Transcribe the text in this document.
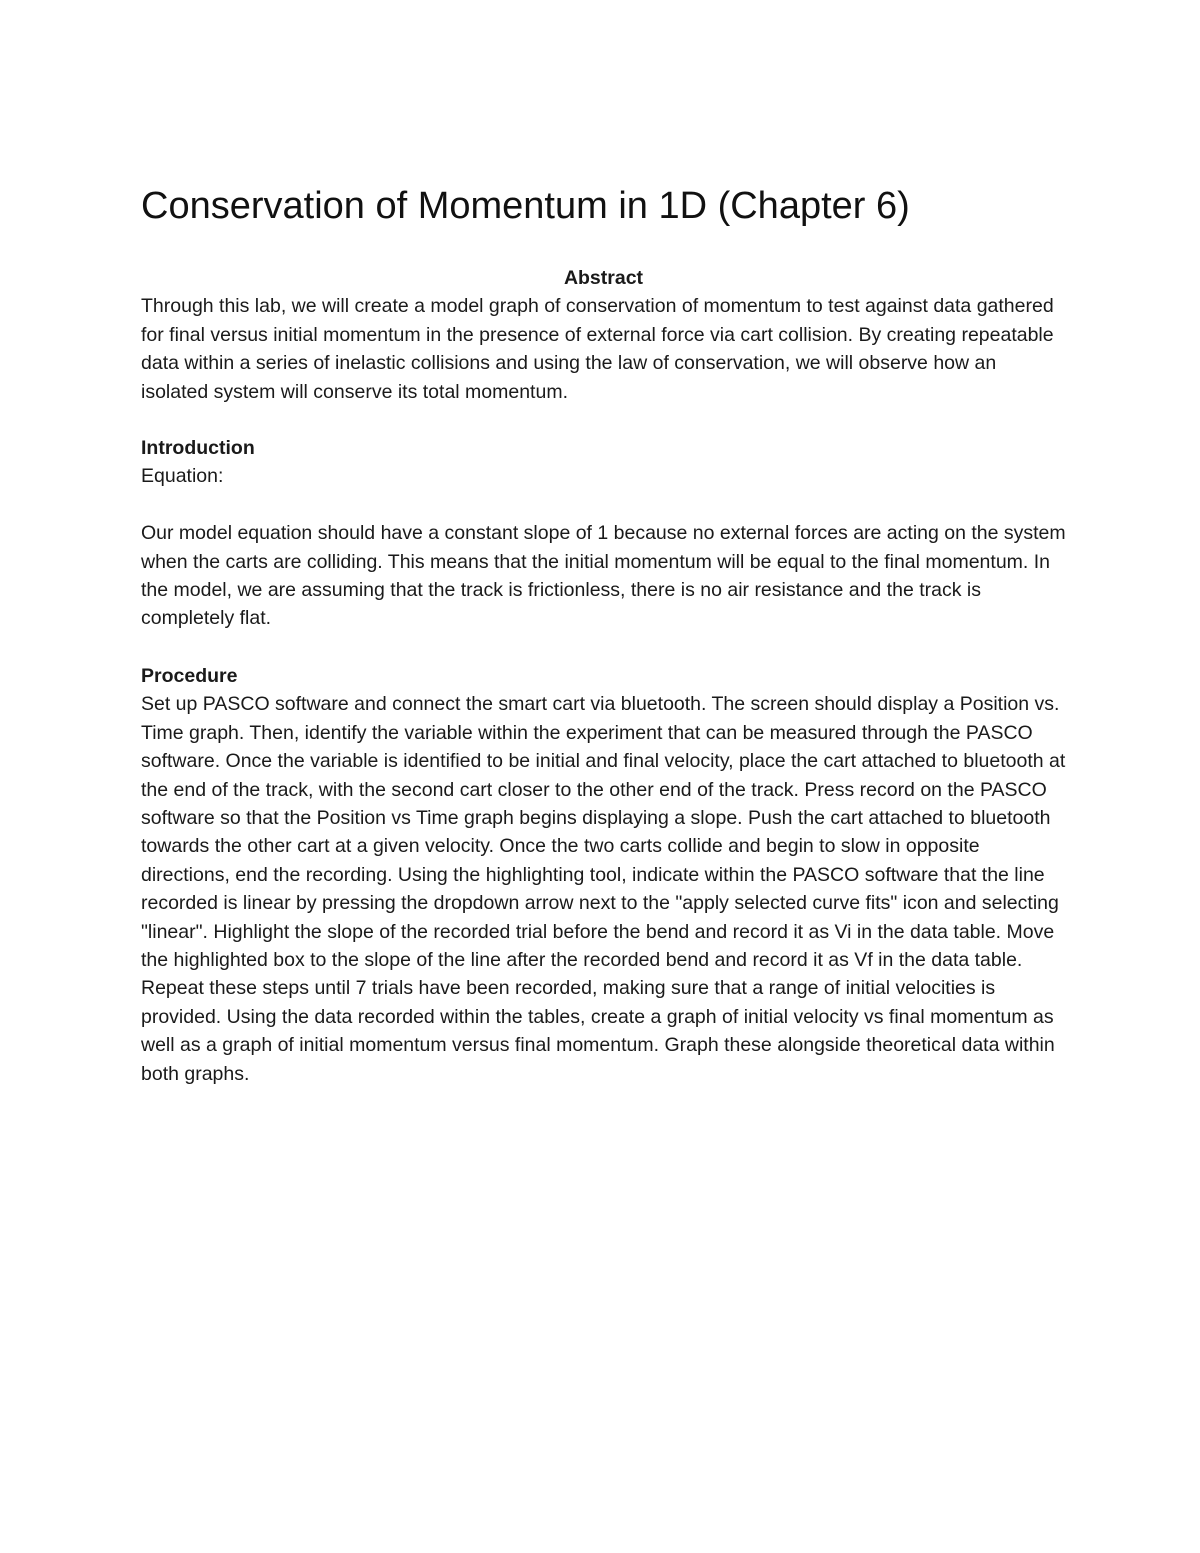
Conservation of Momentum in 1D (Chapter 6)

Abstract

Through this lab, we will create a model graph of conservation of momentum to test against data gathered for final versus initial momentum in the presence of external force via cart collision. By creating repeatable data within a series of inelastic collisions and using the law of conservation, we will observe how an isolated system will conserve its total momentum.

Introduction

Equation:

Our model equation should have a constant slope of 1 because no external forces are acting on the system when the carts are colliding. This means that the initial momentum will be equal to the final momentum. In the model, we are assuming that the track is frictionless, there is no air resistance and the track is completely flat.

Procedure

Set up PASCO software and connect the smart cart via bluetooth. The screen should display a Position vs. Time graph. Then, identify the variable within the experiment that can be measured through the PASCO software. Once the variable is identified to be initial and final velocity, place the cart attached to bluetooth at the end of the track, with the second cart closer to the other end of the track. Press record on the PASCO software so that the Position vs Time graph begins displaying a slope. Push the cart attached to bluetooth towards the other cart at a given velocity. Once the two carts collide and begin to slow in opposite directions, end the recording. Using the highlighting tool, indicate within the PASCO software that the line recorded is linear by pressing the dropdown arrow next to the "apply selected curve fits" icon and selecting "linear". Highlight the slope of the recorded trial before the bend and record it as Vi in the data table. Move the highlighted box to the slope of the line after the recorded bend and record it as Vf in the data table. Repeat these steps until 7 trials have been recorded, making sure that a range of initial velocities is provided. Using the data recorded within the tables, create a graph of initial velocity vs final momentum as well as a graph of initial momentum versus final momentum. Graph these alongside theoretical data within both graphs.
